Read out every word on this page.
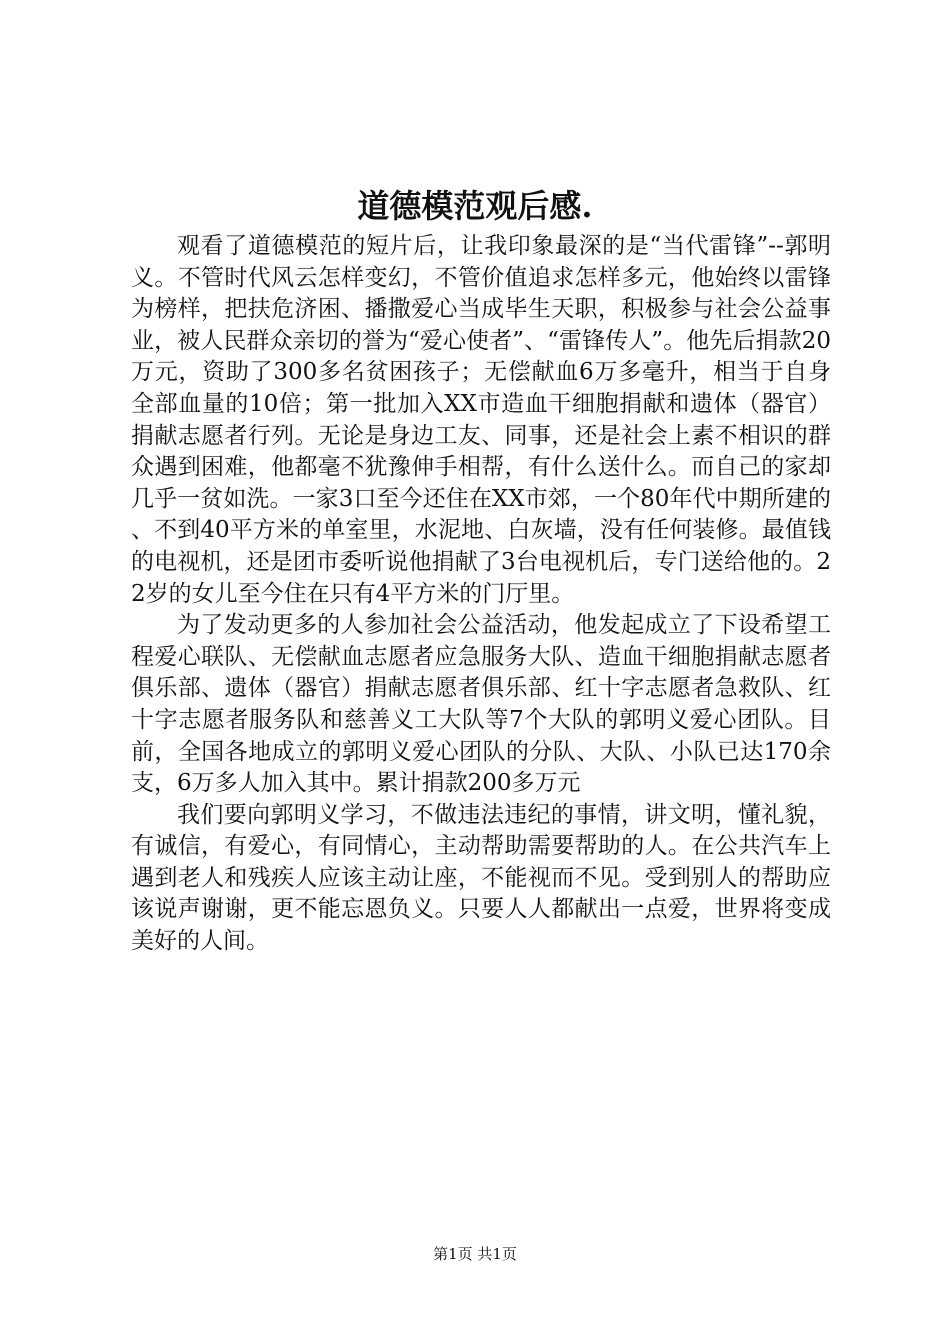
道德模范观后感.

观看了道德模范的短片后，让我印象最深的是“当代雷锋”--郭明义。不管时代风云怎样变幻，不管价值追求怎样多元，他始终以雷锋为榜样，把扶危济困、播撒爱心当成毕生天职，积极参与社会公益事业，被人民群众亲切的誉为“爱心使者”、“雷锋传人”。他先后捐款20万元，资助了300多名贫困孩子；无偿献血6万多毫升，相当于自身全部血量的10倍；第一批加入XX市造血干细胞捐献和遗体（器官）捐献志愿者行列。无论是身边工友、同事，还是社会上素不相识的群众遇到困难，他都毫不犹豫伸手相帮，有什么送什么。而自己的家却几乎一贫如洗。一家3口至今还住在XX市郊，一个80年代中期所建的、不到40平方米的单室里，水泥地、白灰墙，没有任何装修。最值钱的电视机，还是团市委听说他捐献了3台电视机后，专门送给他的。22岁的女儿至今住在只有4平方米的门厅里。

为了发动更多的人参加社会公益活动，他发起成立了下设希望工程爱心联队、无偿献血志愿者应急服务大队、造血干细胞捐献志愿者俱乐部、遗体（器官）捐献志愿者俱乐部、红十字志愿者急救队、红十字志愿者服务队和慈善义工大队等7个大队的郭明义爱心团队。目前，全国各地成立的郭明义爱心团队的分队、大队、小队已达170余支，6万多人加入其中。累计捐款200多万元

我们要向郭明义学习，不做违法违纪的事情，讲文明，懂礼貌，有诚信，有爱心，有同情心，主动帮助需要帮助的人。在公共汽车上遇到老人和残疾人应该主动让座，不能视而不见。受到别人的帮助应该说声谢谢，更不能忘恩负义。只要人人都献出一点爱，世界将变成美好的人间。

第1页 共1页
